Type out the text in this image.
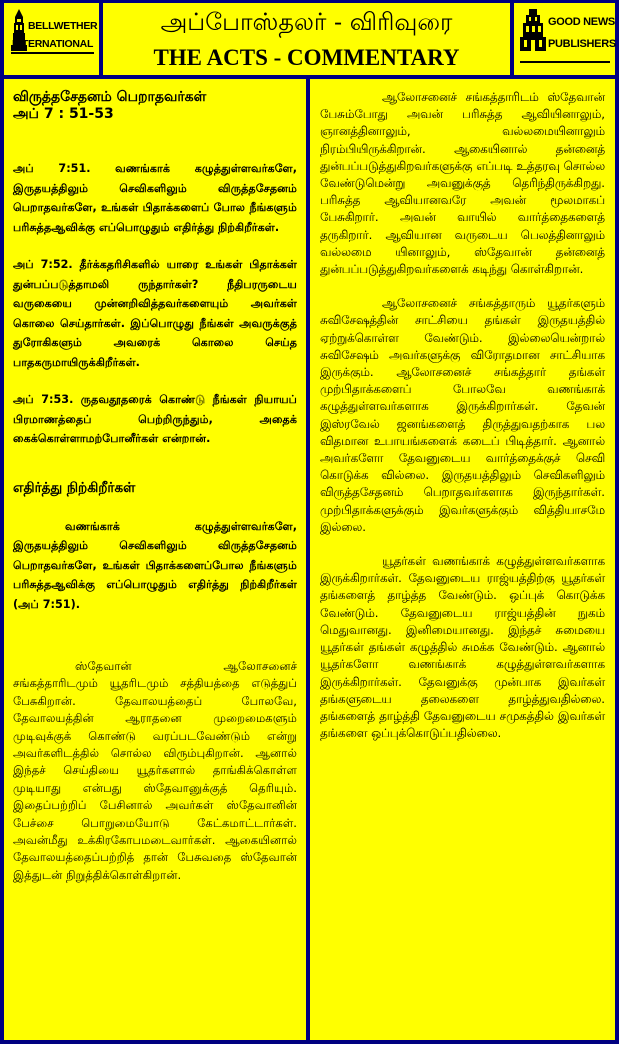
BELLWETHER
INTERNATIONAL
அப்போஸ்தலர் - விரிவுரை
THE ACTS - COMMENTARY
GOOD NEWS
PUBLISHERS
விருத்தசேதனம் பெறாதவர்கள்
அப் 7 : 51-53

அப் 7:51. வணங்காக் கழுத்துள்ளவர்களே, இருதயத்திலும் செவிகளிலும் விருத்தசேதனம் பெறாதவர்களே, உங்கள் பிதாக்களைப் போல நீங்களும் பரிசுத்தஆவிக்கு எப்பொழுதும் எதிர்த்து நிற்கிறீர்கள்.

அப் 7:52. தீர்க்கதரிசிகளில் யாரை உங்கள் பிதாக்கள் துன்பப்படுத்தாமலி ருந்தார்கள்? நீதிபரருடைய வருகையை முன்னறிவித்தவர்களையும் அவர்கள் கொலை செய்தார்கள். இப்பொழுது நீங்கள் அவருக்குத் துரோகிகளும் அவரைக் கொலை செய்த பாதகருமாயிருக்கிறீர்கள்.

அப் 7:53. ருதவதூதரைக் கொண்டு நீங்கள் நியாயப் பிரமாணத்தைப் பெற்றிருந்தும், அதைக் கைக்கொள்ளாமற்போனீர்கள் என்றான்.

எதிர்த்து நிற்கிறீர்கள்

வணங்காக் கழுத்துள்ளவர்களே, இருதயத்திலும் செவிகளிலும் விருத்தசேதனம் பெறாதவர்களே, உங்கள் பிதாக்களைப்போல நீங்களும் பரிசுத்தஆவிக்கு எப்பொழுதும் எதிர்த்து நிற்கிறீர்கள் (அப் 7:51).

ஸ்தேவான் ஆலோசனைச் சங்கத்தாரிடமும் யூதரிடமும் சத்தியத்தை எடுத்துப் பேசுகிறான். தேவாலயத்தைப் போலவே, தேவாலயத்தின் ஆராதனை முறைமைகளும் முடிவுக்குக் கொண்டு வரப்படவேண்டும் என்று அவர்களிடத்தில் சொல்ல விரும்புகிறான். ஆனால் இந்தச் செய்தியை யூதர்களால் தாங்கிக்கொள்ள முடியாது என்பது ஸ்தேவானுக்குத் தெரியும். இதைப்பற்றிப் பேசினால் அவர்கள் ஸ்தேவானின் பேச்சை பொறுமையோடு கேட்கமாட்டார்கள். அவன்மீது உக்கிரகோபமடைவார்கள். ஆகையினால் தேவாலயத்தைப்பற்றித் தான் பேசுவதை ஸ்தேவான் இத்துடன் நிறுத்திக்கொள்கிறான்.

ஆலோசனைச் சங்கத்தாரிடம் ஸ்தேவான் பேசும்போது அவன் பரிசுத்த ஆவியினாலும், ஞானத்தினாலும், வல்லமையினாலும் நிரம்பியிருக்கிறான். ஆகையினால் தன்னைத் துன்பப்படுத்துகிறவர்களுக்கு எப்படி உத்தரவு சொல்ல வேண்டுமென்று அவனுக்குத் தெரிந்திருக்கிறது. பரிசுத்த ஆவியானவரே அவன் மூலமாகப் பேசுகிறார். அவன் வாயில் வார்த்தைகளைத் தருகிறார். ஆவியான வருடைய பெலத்தினாலும் வல்லமை யினாலும், ஸ்தேவான் தன்னைத் துன்பப்படுத்துகிறவர்களைக் கடிந்து கொள்கிறான்.

ஆலோசனைச் சங்கத்தாரும் யூதர்களும் சுவிசேஷத்தின் சாட்சியை தங்கள் இருதயத்தில் ஏற்றுக்கொள்ள வேண்டும். இல்லையென்றால் சுவிசேஷம் அவர்களுக்கு விரோதமான சாட்சியாக இருக்கும். ஆலோசனைச் சங்கத்தார் தங்கள் முற்பிதாக்களைப் போலவே வணங்காக் கழுத்துள்ளவர்களாக இருக்கிறார்கள். தேவன் இஸ்ரவேல் ஜனங்களைத் திருத்துவதற்காக பல விதமான உபாயங்களைக் கடைப் பிடித்தார். ஆனால் அவர்களோ தேவனுடைய வார்த்தைக்குச் செவி கொடுக்க வில்லை. இருதயத்திலும் செவிகளிலும் விருத்தசேதனம் பெறாதவர்களாக இருந்தார்கள். முற்பிதாக்களுக்கும் இவர்களுக்கும் வித்தியாசமே இல்லை.

யூதர்கள் வணங்காக் கழுத்துள்ளவர்களாக இருக்கிறார்கள். தேவனுடைய ராஜ்யத்திற்கு யூதர்கள் தங்களைத் தாழ்த்த வேண்டும். ஒப்புக் கொடுக்க வேண்டும். தேவனுடைய ராஜ்யத்தின் நுகம் மெதுவானது. இனிமையானது. இந்தச் சுமையை யூதர்கள் தங்கள் கழுத்தில் சுமக்க வேண்டும். ஆனால் யூதர்களோ வணங்காக் கழுத்துள்ளவர்களாக இருக்கிறார்கள். தேவனுக்கு முன்பாக இவர்கள் தங்களுடைய தலைகளை தாழ்த்துவதில்லை. தங்களைத் தாழ்த்தி தேவனுடைய சமுகத்தில் இவர்கள் தங்களை ஒப்புக்கொடுப்பதில்லை.
